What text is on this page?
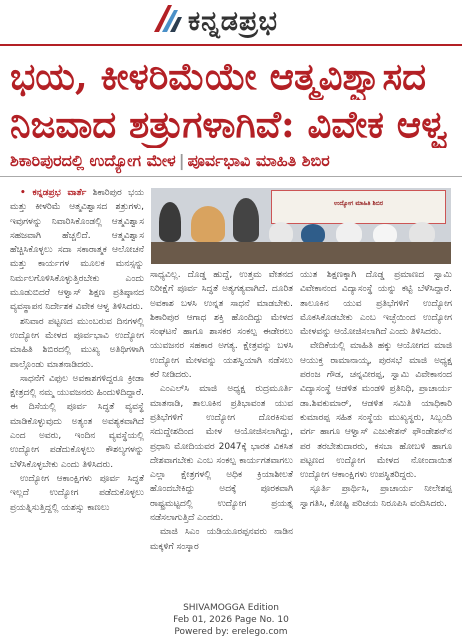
ಕನ್ನಡಪ್ರಭ
ಭಯ, ಕೀಳರಿಮೆಯೇ ಆತ್ಮವಿಶ್ವಾಸದ
ನಿಜವಾದ ಶತ್ರುಗಳಾಗಿವೆ: ವಿವೇಕ ಆಳ್ವ
ಶಿಕಾರಿಪುರದಲ್ಲಿ ಉದ್ಯೋಗ ಮೇಳ | ಪೂರ್ವಭಾವಿ ಮಾಹಿತಿ ಶಿಬಿರ

• ಕನ್ನಡಪ್ರಭ ವಾರ್ತೆ ಶಿಕಾರಿಪುರ ಭಯ ಮತ್ತು ಕೀಳರಿಮೆ ಆತ್ಮವಿಶ್ವಾಸದ ಶತ್ರುಗಳು, ಇವುಗಳನ್ನು ನಿವಾರಿಸಿಕೊಂಡಲ್ಲಿ ಆತ್ಮವಿಶ್ವಾಸ ಸಹಜವಾಗಿ ಹೆಚ್ಚಲಿದೆ. ಆತ್ಮವಿಶ್ವಾಸ ಹೆಚ್ಚಿಸಿಕೊಳ್ಳಲು ಸದಾ ಸಕಾರಾತ್ಮಕ ಆಲೋಚನೆ ಮತ್ತು ಕಾರ್ಯಗಳ ಮೂಲಕ ಮನಸ್ಸನ್ನು ನಿರ್ಮಲಗೊಳಿಸಿಕೊಳ್ಳುತ್ತಿರಬೇಕು ಎಂದು ಮೂಡುಬಿದರೆ ಆಳ್ವಾಸ್ ಶಿಕ್ಷಣ ಪ್ರತಿಷ್ಠಾನದ ವ್ಯವಸ್ಥಾಪನ ನಿರ್ದೇಶಕ ವಿವೇಕ ಆಳ್ವ ತಿಳಿಸಿದರು.

ಶನಿವಾರ ಪಟ್ಟಣದ ಮುಂಬರುವ ದಿನಗಳಲ್ಲಿ ಉದ್ಯೋಗ ಮೇಳದ ಪೂರ್ವಭಾವಿ ಉದ್ಯೋಗ ಮಾಹಿತಿ ಶಿಬಿರದಲ್ಲಿ ಮುಖ್ಯ ಅತಿಥಿಗಳಾಗಿ ಪಾಲ್ಗೊಂಡು ಮಾತನಾಡಿದರು.

ಸಾಧನೆಗೆ ವಿಫುಲ ಅವಕಾಶಗಳಿದ್ದರೂ ಕ್ರೀಡಾ ಕ್ಷೇತ್ರದಲ್ಲಿ ನಮ್ಮ ಯುವಜನರು ಹಿಂದುಳಿದಿದ್ದಾರೆ. ಈ ದಿಸೆಯಲ್ಲಿ ಪೂರ್ವ ಸಿದ್ಧತೆ ವ್ಯವಸ್ಥೆ ಮಾಡಿಕೊಳ್ಳುವುದು ಅತ್ಯಂತ ಅವಶ್ಯಕವಾಗಿದೆ ಎಂದ ಅವರು, ಇಂದಿನ ವ್ಯವಸ್ಥೆಯಲ್ಲಿ ಉದ್ಯೋಗ ಪಡೆದುಕೊಳ್ಳಲು ಕೌಶಲ್ಯಗಳನ್ನು ಬೆಳೆಸಿಕೊಳ್ಳಬೇಕು ಎಂದು ತಿಳಿಸಿದರು.

ಉದ್ಯೋಗ ಆಕಾಂಕ್ಷಿಗಳು ಪೂರ್ವ ಸಿದ್ಧತೆ ಇಲ್ಲದೆ ಉದ್ಯೋಗ ಪಡೆದುಕೊಳ್ಳಲು ಪ್ರಯತ್ನಿಸುತ್ತಿದ್ದಲ್ಲಿ ಯಶಸ್ಸು ಕಾಣಲು

ಉದ್ಯೋಗ ಮಾಹಿತಿ ಶಿಬಿರ

ಸಾಧ್ಯವಿಲ್ಲ. ದೊಡ್ಡ ಹುದ್ದೆ, ಉತ್ತಮ ವೇತನದ ನಿರೀಕ್ಷೆಗೆ ಪೂರ್ವ ಸಿದ್ಧತೆ ಅತ್ಯಗತ್ಯವಾಗಿದೆ. ದೂರಿತ ಅವಕಾಶ ಬಳಸಿ ಉನ್ನತ ಸಾಧನೆ ಮಾಡಬೇಕು. ಶಿಕಾರಿಪುರ ಆಗಾಧ ಶಕ್ತಿ ಹೊಂದಿದ್ದು ಮೇಳದ ಸಂಘಟನೆ ಹಾಗೂ ಶಾಸಕರ ಸಂಕಲ್ಪ ಈಡೇರಲು ಯುವಜನರ ಸಹಕಾರ ಅಗತ್ಯ. ಕ್ಷೇತ್ರವನ್ನು ಬಳಸಿ ಉದ್ಯೋಗ ಮೇಳವನ್ನು ಯಶಸ್ವಿಯಾಗಿ ನಡೆಸಲು ಕರೆ ನೀಡಿದರು.

ಎಂಎಲ್‌ಸಿ ಮಾಜಿ ಅಧ್ಯಕ್ಷ ರುದ್ರಮೂರ್ತಿ ಮಾತನಾಡಿ, ತಾಲೂಕಿನ ಪ್ರತಿಭಾವಂತ ಯುವ ಪ್ರತಿಭೆಗಳಿಗೆ ಉದ್ಯೋಗ ದೊರಕಿಸುವ ಸದುದ್ದೇಶದಿಂದ ಮೇಳ ಆಯೋಜಿಸಲಾಗಿದ್ದು, ಪ್ರಧಾನಿ ಮೋದಿಯವರ 2047ಕ್ಕೆ ಭಾರತ ವಿಕಸಿತ ದೇಶವಾಗಬೇಕು ಎಂಬ ಸಂಕಲ್ಪ ಕಾರ್ಯಗತವಾಗಲು ಎಲ್ಲಾ ಕ್ಷೇತ್ರಗಳಲ್ಲಿ ಅಧಿಕ ಕ್ರಿಯಾಶೀಲತೆ ಹೊಂದಬೇಕಿದ್ದು ಅದಕ್ಕೆ ಪೂರಕವಾಗಿ ರಾಷ್ಟ್ರಮಟ್ಟದಲ್ಲಿ ಉದ್ಯೋಗ ಪ್ರಯತ್ನ ನಡೆಸಲಾಗುತ್ತಿದೆ ಎಂದರು.

ಮಾಜಿ ಸಿಎಂ ಯಡಿಯೂರಪ್ಪನವರು ನಾಡಿನ ಮಕ್ಕಳಿಗೆ ಸಂಸ್ಕಾರ

ಯುತ ಶಿಕ್ಷಣಕ್ಕಾಗಿ ದೊಡ್ಡ ಪ್ರಮಾಣದ ಸ್ವಾಮಿ ವಿವೇಕಾನಂದ ವಿದ್ಯಾಸಂಸ್ಥೆ ಯನ್ನು ಕಟ್ಟಿ ಬೆಳೆಸಿದ್ದಾರೆ. ತಾಲೂಕಿನ ಯುವ ಪ್ರತಿಭೆಗಳಿಗೆ ಉದ್ಯೋಗ ಮೊಕಸಿಕೊಡಬೇಕು ಎಂಬ ಇಚ್ಛೆಯಿಂದ ಉದ್ಯೋಗ ಮೇಳವನ್ನು ಆಯೋಜಿಸಲಾಗಿದೆ ಎಂದು ತಿಳಿಸಿದರು.

ವೇದಿಕೆಯಲ್ಲಿ ಮಾಹಿತಿ ಹಕ್ಕು ಆಯೋಗದ ಮಾಜಿ ಆಯುಕ್ತ ರಾಮಾನಾಯ್ಕ, ಪುರಸಭೆ ಮಾಜಿ ಅಧ್ಯಕ್ಷ ಪರಂಜ ಗೌಡ, ಚನ್ನವೀರಪ್ಪ, ಸ್ವಾಮಿ ವಿವೇಕಾನಂದ ವಿದ್ಯಾಸಂಸ್ಥೆ ಆಡಳಿತ ಮಂಡಳಿ ಪ್ರತಿನಿಧಿ, ಪ್ರಾಚಾರ್ಯ ಡಾ.ಶಿವಕುಮಾರ್, ಆಡಳಿತ ಸಮಿತಿ ಯಾಧಿಕಾರಿ ಕುಮಾರಪ್ಪ ಸಹಿತ ಸಂಸ್ಥೆಯ ಮುಖ್ಯಸ್ಥರು, ಸಿಬ್ಬಂದಿ ವರ್ಗ ಹಾಗೂ ಆಳ್ವಾಸ್ ಎಜುಕೇಶನ್ ಫೌಂಡೇಶನ್‌ನ ಪರ ತರಬೇತುದಾರರು, ಕಸಬಾ ಹೋಬಳಿ ಹಾಗೂ ಪಟ್ಟಣದ ಉದ್ಯೋಗ ಮೇಳದ ನೋಂದಾಯಿತ ಉದ್ಯೋಗ ಆಕಾಂಕ್ಷಿಗಳು ಉಪಸ್ಥಿತರಿದ್ದರು.

ಸ್ಫೂರ್ತಿ ಪ್ರಾರ್ಥಿಸಿ, ಪ್ರಾಚಾರ್ಯ ನೀಲೇಶಪ್ಪ ಸ್ವಾಗತಿಸಿ, ಕೋಷ್ಟಿ ಪರಿಚಯ ನಿರೂಪಿಸಿ ವಂದಿಸಿದರು.

SHIVAMOGGA Edition
Feb 01, 2026 Page No. 10
Powered by: erelego.com
